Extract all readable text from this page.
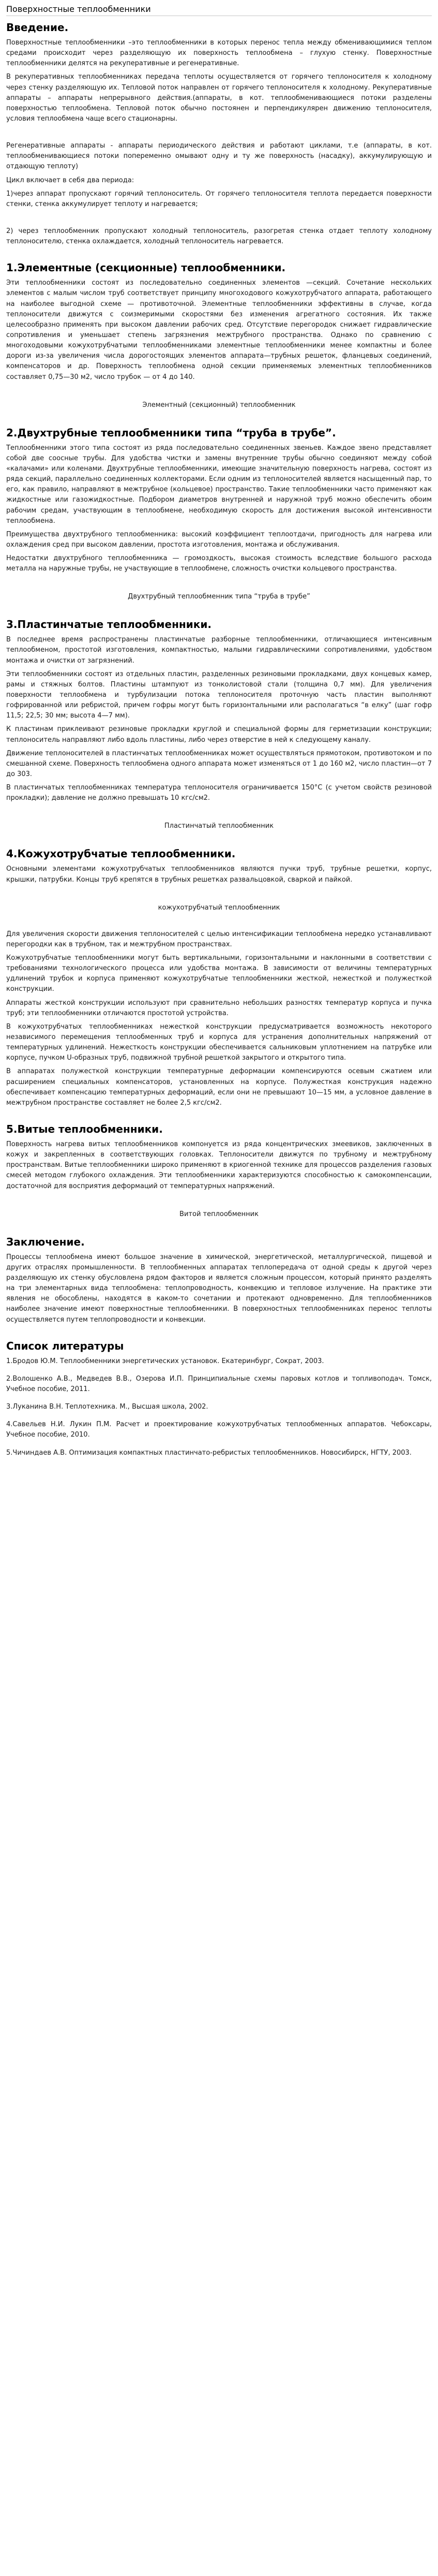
Поверхностные теплообменники
Введение.

Поверхностные теплообменники –это теплообменники в которых перенос тепла между обменивающимися теплом средами происходит через разделяющую их поверхность теплообмена – глухую стенку. Поверхностные теплообменники делятся на рекуперативные и регенеративные.

В рекуперативных теплообменниках передача теплоты осуществляется от горячего теплоносителя к холодному через стенку разделяющую их. Тепловой поток направлен от горячего теплоносителя к холодному. Рекуперативные аппараты – аппараты непрерывного действия.(аппараты, в кот. теплообменивающиеся потоки разделены поверхностью теплообмена. Тепловой поток обычно постоянен и перпендикулярен движению теплоносителя, условия теплообмена чаще всего стационарны.

Регенеративные аппараты - аппараты периодического действия и работают циклами, т.е (аппараты, в кот. теплообменивающиеся потоки попеременно омывают одну и ту же поверхность (насадку), аккумулирующую и отдающую теплоту)

Цикл включает в себя два периода:

1)через аппарат пропускают горячий теплоноситель. От горячего теплоносителя теплота передается поверхности стенки, стенка аккумулирует теплоту и нагревается;

2) через теплообменник пропускают холодный теплоноситель, разогретая стенка отдает теплоту холодному теплоносителю, стенка охлаждается, холодный теплоноситель нагревается.

1.Элементные (секционные) теплообменники.

Эти теплообменники состоят из последовательно соединенных элементов —секций. Сочетание нескольких элементов с малым числом труб соответствует принципу многоходового кожухотрубчатого аппарата, работающего на наиболее выгодной схеме — противоточной. Элементные теплообменники эффективны в случае, когда теплоносители движутся с соизмеримыми скоростями без изменения агрегатного состояния. Их также целесообразно применять при высоком давлении рабочих сред. Отсутствие перегородок снижает гидравлические сопротивления и уменьшает степень загрязнения межтрубного пространства. Однако по сравнению с многоходовыми кожухотрубчатыми теплообменниками элементные теплообменники менее компактны и более дороги из-за увеличения числа дорогостоящих элементов аппарата—трубных решеток, фланцевых соединений, компенсаторов и др. Поверхность теплообмена одной секции применяемых элементных теплообменников составляет 0,75—30 м2, число трубок — от 4 до 140.

Элементный (секционный) теплообменник
2.Двухтрубные теплообменники типа “труба в трубе”.

Теплообменники этого типа состоят из ряда последовательно соединенных звеньев. Каждое звено представляет собой две соосные трубы. Для удобства чистки и замены внутренние трубы обычно соединяют между собой «калачами» или коленами. Двухтрубные теплообменники, имеющие значительную поверхность нагрева, состоят из ряда секций, параллельно соединенных коллекторами. Если одним из теплоносителей является насыщенный пар, то его, как правило, направляют в межтрубное (кольцевое) пространство. Такие теплообменники часто применяют как жидкостные или газожидкостные. Подбором диаметров внутренней и наружной труб можно обеспечить обоим рабочим средам, участвующим в теплообмене, необходимую скорость для достижения высокой интенсивности теплообмена.

Преимущества двухтрубного теплообменника: высокий коэффициент теплоотдачи, пригодность для нагрева или охлаждения сред при высоком давлении, простота изготовления, монтажа и обслуживания.

Недостатки двухтрубного теплообменника — громоздкость, высокая стоимость вследствие большого расхода металла на наружные трубы, не участвующие в теплообмене, сложность очистки кольцевого пространства.

Двухтрубный теплообменник типа “труба в трубе”
3.Пластинчатые теплообменники.

В последнее время распространены пластинчатые разборные теплообменники, отличающиеся интенсивным теплообменом, простотой изготовления, компактностью, малыми гидравлическими сопротивлениями, удобством монтажа и очистки от загрязнений.

Эти теплообменники состоят из отдельных пластин, разделенных резиновыми прокладками, двух концевых камер, рамы и стяжных болтов. Пластины штампуют из тонколистовой стали (толщина 0,7 мм). Для увеличения поверхности теплообмена и турбулизации потока теплоносителя проточную часть пластин выполняют гофрированной или ребристой, причем гофры могут быть горизонтальными или располагаться “в елку” (шаг гофр 11,5; 22,5; 30 мм; высота 4—7 мм).

К пластинам приклеивают резиновые прокладки круглой и специальной формы для герметизации конструкции; теплоноситель направляют либо вдоль пластины, либо через отверстие в ней к следующему каналу.

Движение теплоносителей в пластинчатых теплообменниках может осуществляться прямотоком, противотоком и по смешанной схеме. Поверхность теплообмена одного аппарата может изменяться от 1 до 160 м2, число пластин—от 7 до 303.

В пластинчатых теплообменниках температура теплоносителя ограничивается 150°С (с учетом свойств резиновой прокладки); давление не должно превышать 10 кгс/см2.

Пластинчатый теплообменник
4.Кожухотрубчатые теплообменники.

Основными элементами кожухотрубчатых теплообменников являются пучки труб, трубные решетки, корпус, крышки, патрубки. Концы труб крепятся в трубных решетках развальцовкой, сваркой и пайкой.

кожухотрубчатый теплообменник

Для увеличения скорости движения теплоносителей с целью интенсификации теплообмена нередко устанавливают перегородки как в трубном, так и межтрубном пространствах.

Кожухотрубчатые теплообменники могут быть вертикальными, горизонтальными и наклонными в соответствии с требованиями технологического процесса или удобства монтажа. В зависимости от величины температурных удлинений трубок и корпуса применяют кожухотрубчатые теплообменники жесткой, нежесткой и полужесткой конструкции.

Аппараты жесткой конструкции используют при сравнительно небольших разностях температур корпуса и пучка труб; эти теплообменники отличаются простотой устройства.

В кожухотрубчатых теплообменниках нежесткой конструкции предусматривается возможность некоторого независимого перемещения теплообменных труб и корпуса для устранения дополнительных напряжений от температурных удлинений. Нежесткость конструкции обеспечивается сальниковым уплотнением на патрубке или корпусе, пучком U-образных труб, подвижной трубной решеткой закрытого и открытого типа.

В аппаратах полужесткой конструкции температурные деформации компенсируются осевым сжатием или расширением специальных компенсаторов, установленных на корпусе. Полужесткая конструкция надежно обеспечивает компенсацию температурных деформаций, если они не превышают 10—15 мм, а условное давление в межтрубном пространстве составляет не более 2,5 кгс/см2.

5.Витые теплообменники.

Поверхность нагрева витых теплообменников компонуется из ряда концентрических змеевиков, заключенных в кожух и закрепленных в соответствующих головках. Теплоносители движутся по трубному и межтрубному пространствам. Витые теплообменники широко применяют в криогенной технике для процессов разделения газовых смесей методом глубокого охлаждения. Эти теплообменники характеризуются способностью к самокомпенсации, достаточной для восприятия деформаций от температурных напряжений.

Витой теплообменник
Заключение.

Процессы теплообмена имеют большое значение в химической, энергетической, металлургической, пищевой и других отраслях промышленности. В теплообменных аппаратах теплопередача от одной среды к другой через разделяющую их стенку обусловлена рядом факторов и является сложным процессом, который принято разделять на три элементарных вида теплообмена: теплопроводность, конвекцию и тепловое излучение. На практике эти явления не обособлены, находятся в каком-то сочетании и протекают одновременно. Для теплообменников наиболее значение имеют поверхностные теплообменники. В поверхностных теплообменниках перенос теплоты осуществляется путем теплопроводности и конвекции.

Список литературы
1.Бродов Ю.М. Теплообменники энергетических установок. Екатеринбург, Сократ, 2003.
2.Волошенко А.В., Медведев В.В., Озерова И.П. Принципиальные схемы паровых котлов и топливоподач. Томск, Учебное пособие, 2011.
3.Луканина В.Н. Теплотехника. М., Высшая школа, 2002.
4.Савельев Н.И. Лукин П.М. Расчет и проектирование кожухотрубчатых теплообменных аппаратов. Чебоксары, Учебное пособие, 2010.
5.Чичиндаев А.В. Оптимизация компактных пластинчато-ребристых теплообменников. Новосибирск, НГТУ, 2003.
